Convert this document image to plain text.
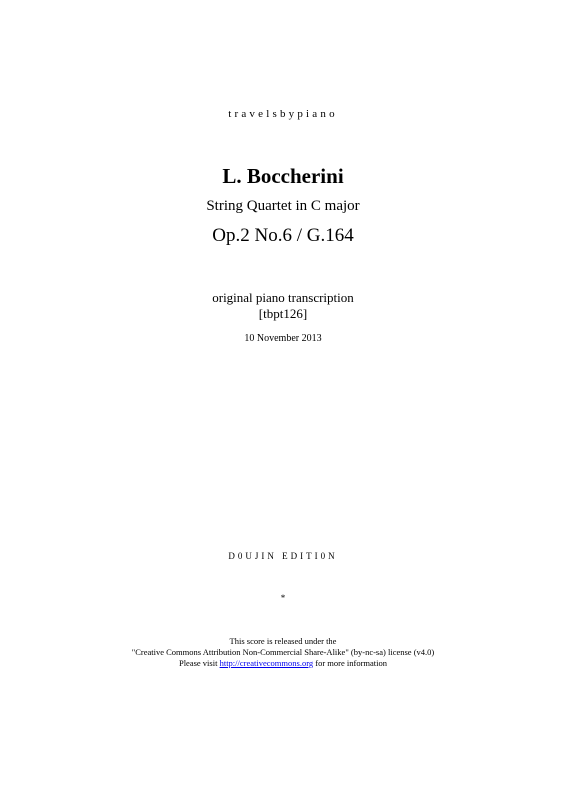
travelsbypiano
L. Boccherini
String Quartet in C major
Op.2 No.6 / G.164
original piano transcription
[tbpt126]
10 November 2013
D0UJIN EDITI0N
*
This score is released under the
"Creative Commons Attribution Non-Commercial Share-Alike" (by-nc-sa) license (v4.0)
Please visit http://creativecommons.org for more information
